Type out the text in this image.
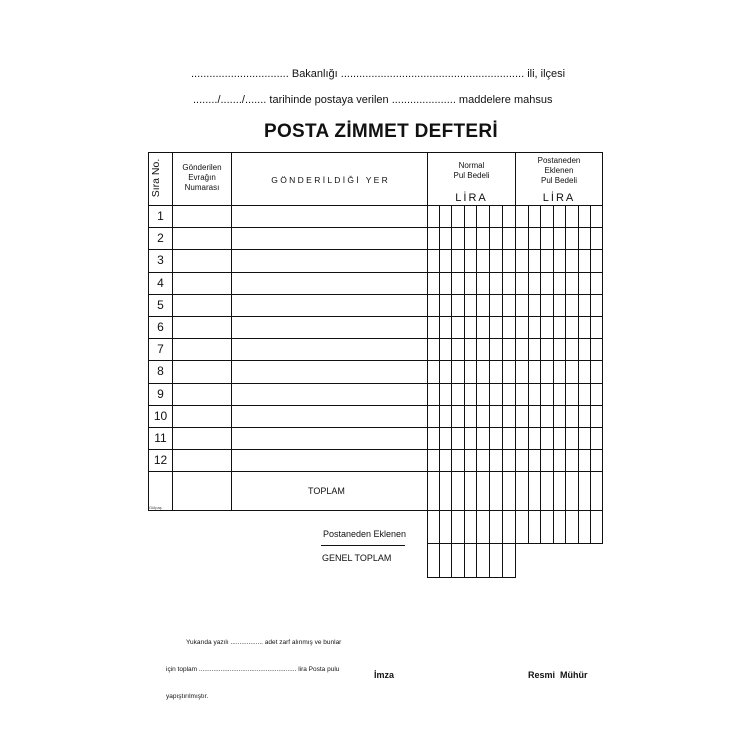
................................ Bakanlığı ............................................................ ili, ilçesi
......../......./....... tarihinde postaya verilen ..................... maddelere mahsus
POSTA ZİMMET DEFTERİ
Sıra No.	Gönderilen
Evrağın
Numarası
G Ö N D E R İ L D İ Ğ İ   Y E R
Normal
Pul Bedeli
LİRA
Postaneden
Eklenen
Pul Bedeli
LİRA
1
2
3
4
5
6
7
8
9
10
11
12
TOPLAM
Gülpaş
Postaneden Eklenen
GENEL TOPLAM

Yukarıda yazılı .................. adet zarf alınmış ve bunlar

için toplam ...................................................... lira Posta pulu

yapıştırılmıştır.

İmza	Resmi  Mühür
